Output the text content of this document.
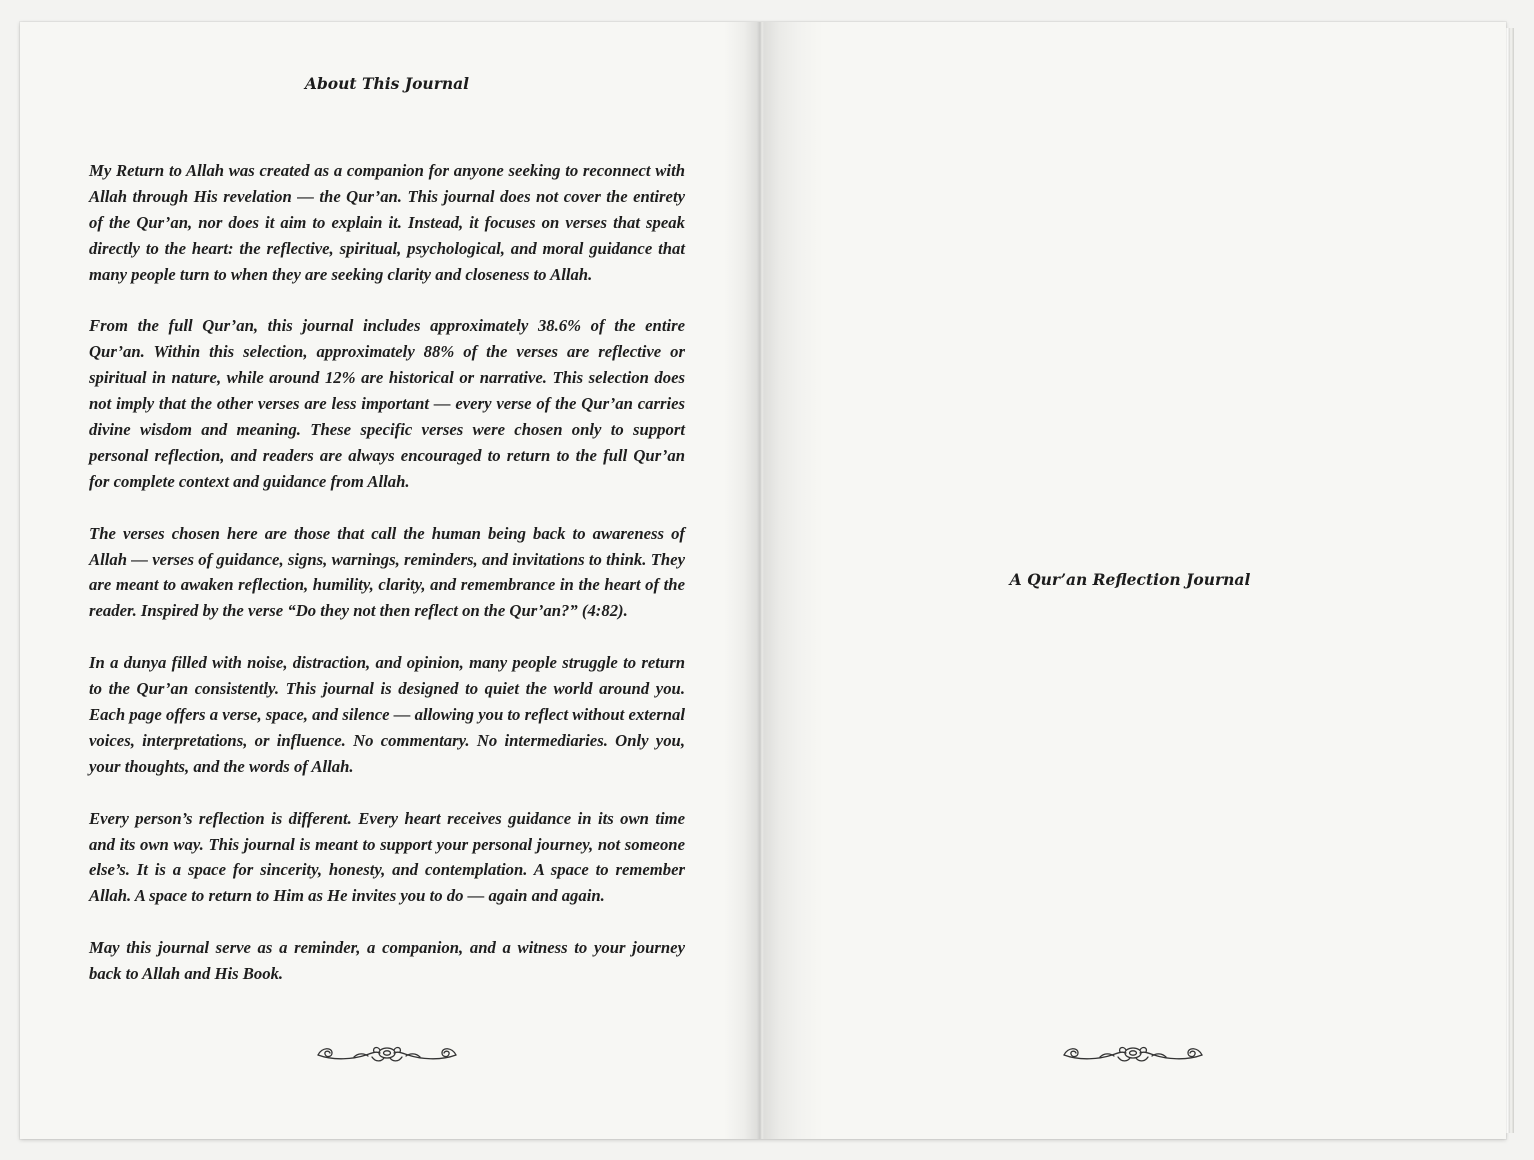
About This Journal

My Return to Allah was created as a companion for anyone seeking to reconnect with Allah through His revelation — the Qur’an. This journal does not cover the entirety of the Qur’an, nor does it aim to explain it. Instead, it focuses on verses that speak directly to the heart: the reflective, spiritual, psychological, and moral guidance that many people turn to when they are seeking clarity and closeness to Allah.

From the full Qur’an, this journal includes approximately 38.6% of the entire Qur’an. Within this selection, approximately 88% of the verses are reflective or spiritual in nature, while around 12% are historical or narrative. This selection does not imply that the other verses are less important — every verse of the Qur’an carries divine wisdom and meaning. These specific verses were chosen only to support personal reflection, and readers are always encouraged to return to the full Qur’an for complete context and guidance from Allah.

The verses chosen here are those that call the human being back to awareness of Allah — verses of guidance, signs, warnings, reminders, and invitations to think. They are meant to awaken reflection, humility, clarity, and remembrance in the heart of the reader. Inspired by the verse “Do they not then reflect on the Qur’an?” (4:82).

In a dunya filled with noise, distraction, and opinion, many people struggle to return to the Qur’an consistently. This journal is designed to quiet the world around you. Each page offers a verse, space, and silence — allowing you to reflect without external voices, interpretations, or influence. No commentary. No intermediaries. Only you, your thoughts, and the words of Allah.

Every person’s reflection is different. Every heart receives guidance in its own time and its own way. This journal is meant to support your personal journey, not someone else’s. It is a space for sincerity, honesty, and contemplation. A space to remember Allah. A space to return to Him as He invites you to do — again and again.

May this journal serve as a reminder, a companion, and a witness to your journey back to Allah and His Book.

A Qur’an Reflection Journal
